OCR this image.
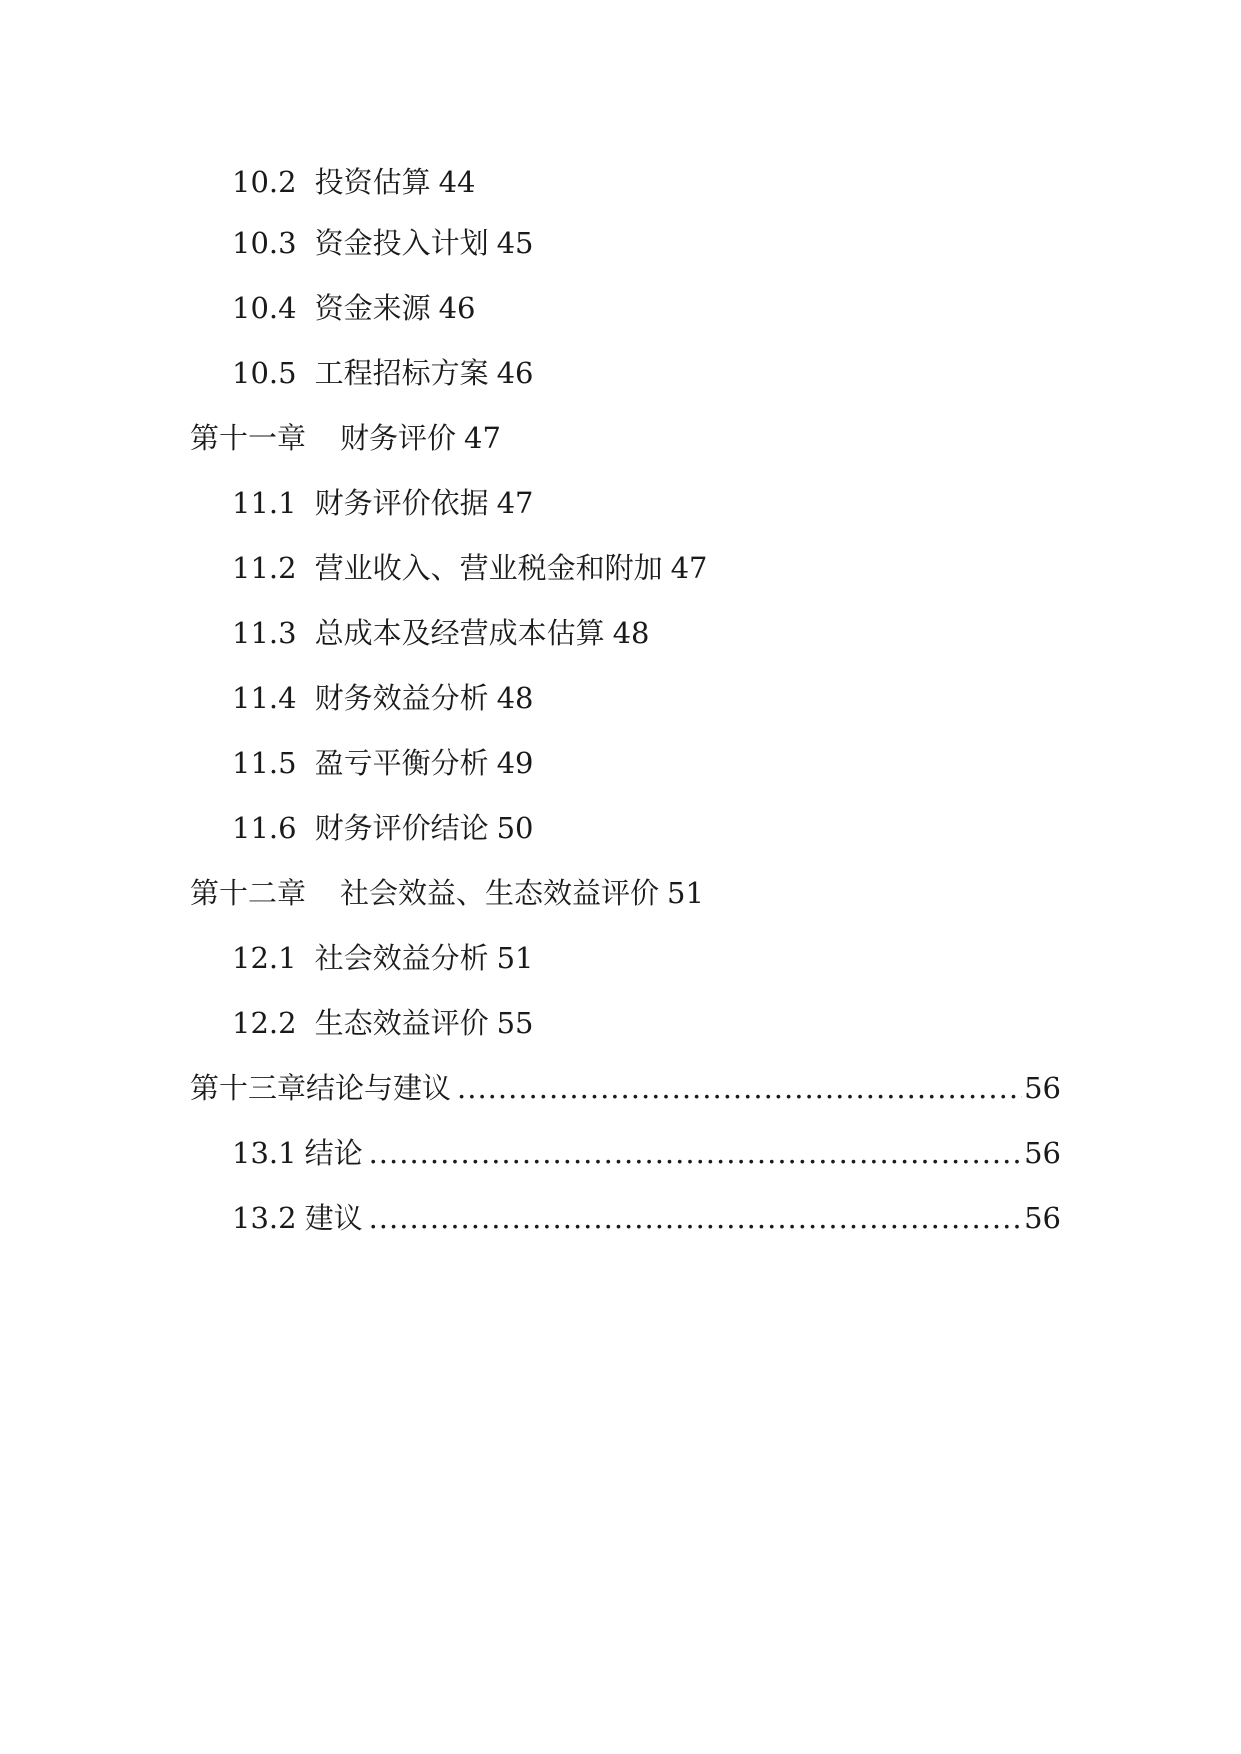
10.2 投资估算 44
10.3 资金投入计划 45
10.4 资金来源 46
10.5 工程招标方案 46
第十一章 财务评价 47
11.1 财务评价依据 47
11.2 营业收入、营业税金和附加 47
11.3 总成本及经营成本估算 48
11.4 财务效益分析 48
11.5 盈亏平衡分析 49
11.6 财务评价结论 50
第十二章 社会效益、生态效益评价 51
12.1 社会效益分析 51
12.2 生态效益评价 55
第十三章 结论与建议 .....	56
13.1 结论 .....	56
13.2 建议 .....	56
